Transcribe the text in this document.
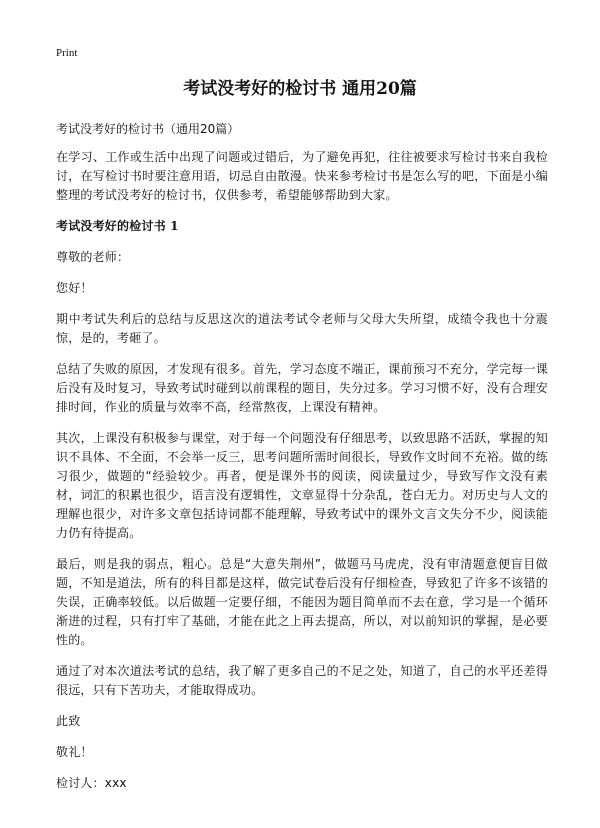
Print
考试没考好的检讨书 通用20篇
考试没考好的检讨书（通用20篇）

在学习、工作或生活中出现了问题或过错后，为了避免再犯，往往被要求写检讨书来自我检讨，在写检讨书时要注意用语，切忌自由散漫。快来参考检讨书是怎么写的吧，下面是小编整理的考试没考好的检讨书，仅供参考，希望能够帮助到大家。

考试没考好的检讨书 1

尊敬的老师：

您好！

期中考试失利后的总结与反思这次的道法考试令老师与父母大失所望，成绩令我也十分震惊，是的，考砸了。

总结了失败的原因，才发现有很多。首先，学习态度不端正，课前预习不充分，学完每一课后没有及时复习，导致考试时碰到以前课程的题目，失分过多。学习习惯不好，没有合理安排时间，作业的质量与效率不高，经常熬夜，上课没有精神。

其次，上课没有积极参与课堂，对于每一个问题没有仔细思考，以致思路不活跃，掌握的知识不具体、不全面，不会举一反三，思考问题所需时间很长，导致作文时间不充裕。做的练习很少，做题的“经验较少。再者，便是课外书的阅读，阅读量过少，导致写作文没有素材，词汇的积累也很少，语言没有逻辑性，文章显得十分杂乱，苍白无力。对历史与人文的理解也很少，对许多文章包括诗词都不能理解，导致考试中的课外文言文失分不少，阅读能力仍有待提高。

最后，则是我的弱点，粗心。总是“大意失荆州”，做题马马虎虎，没有审清题意便盲目做题，不知是道法，所有的科目都是这样，做完试卷后没有仔细检查，导致犯了许多不该错的失误，正确率较低。以后做题一定要仔细，不能因为题目简单而不去在意，学习是一个循环渐进的过程，只有打牢了基础，才能在此之上再去提高，所以，对以前知识的掌握，是必要性的。

通过了对本次道法考试的总结，我了解了更多自己的不足之处，知道了，自己的水平还差得很远，只有下苦功夫，才能取得成功。

此致

敬礼！

检讨人：xxx
